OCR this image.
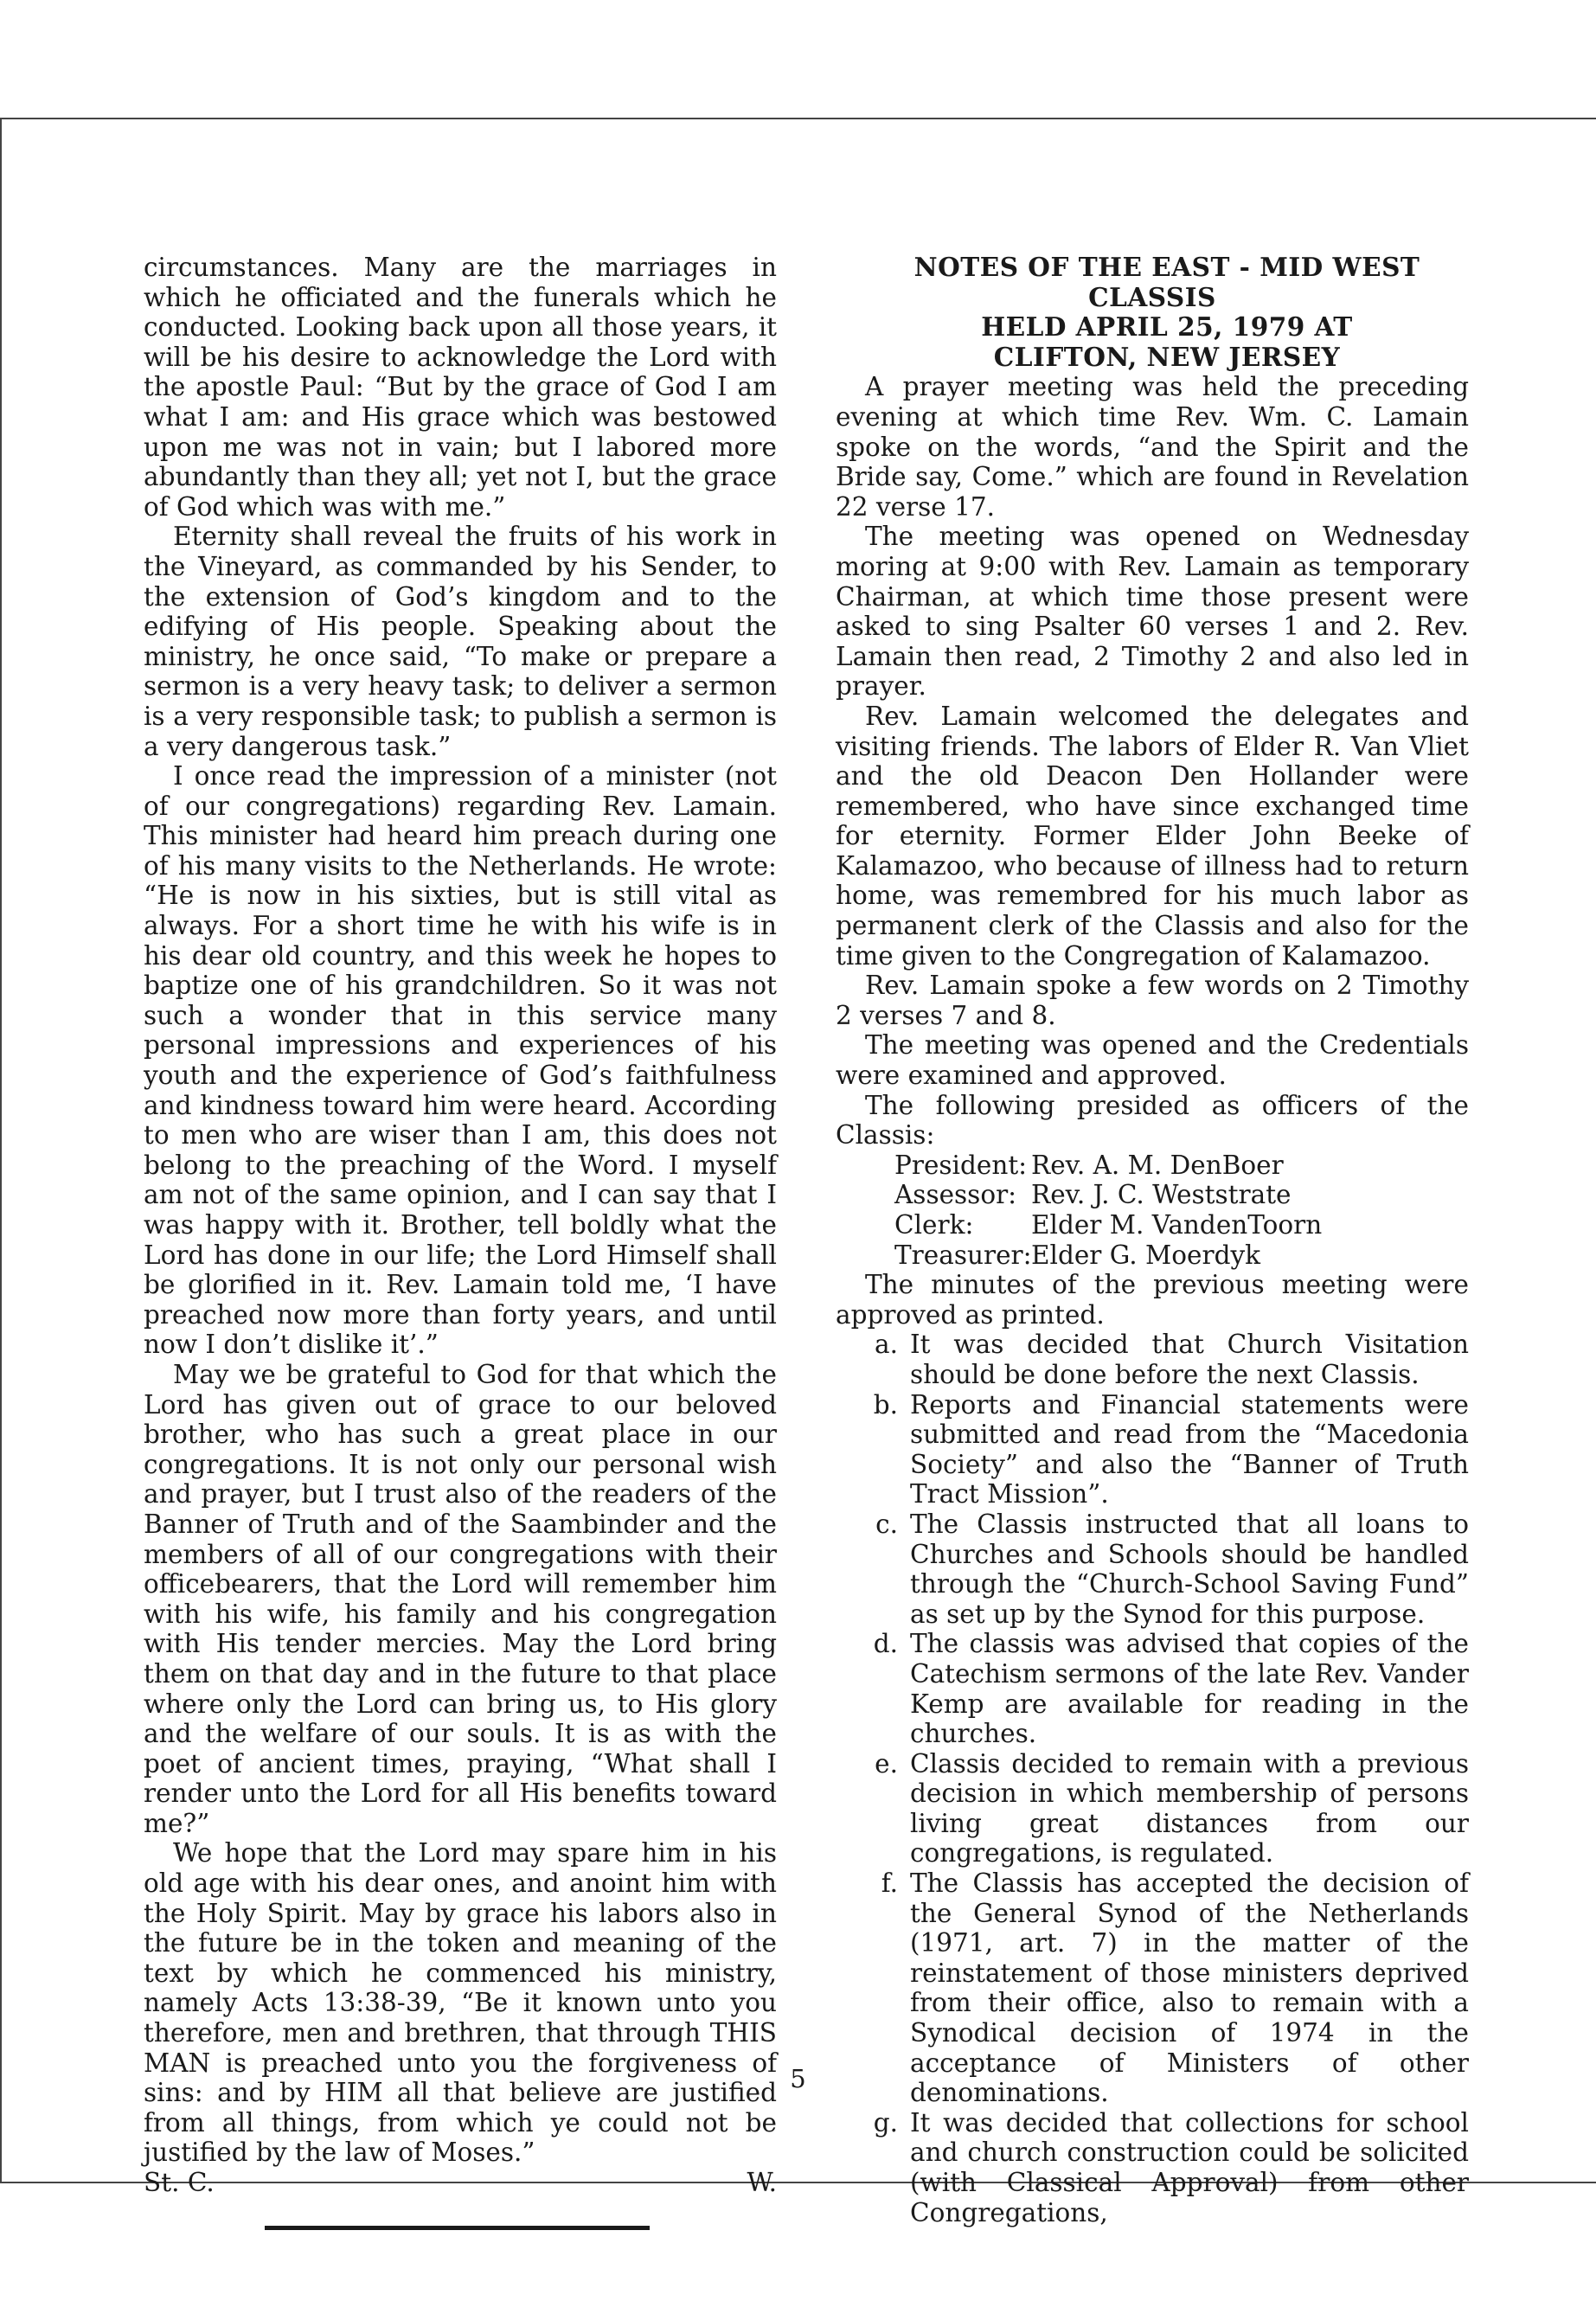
circumstances. Many are the marriages in which he officiated and the funerals which he conducted. Looking back upon all those years, it will be his desire to acknowledge the Lord with the apostle Paul: “But by the grace of God I am what I am: and His grace which was bestowed upon me was not in vain; but I labored more abundantly than they all; yet not I, but the grace of God which was with me.”

Eternity shall reveal the fruits of his work in the Vineyard, as commanded by his Sender, to the extension of God’s kingdom and to the edifying of His people. Speaking about the ministry, he once said, “To make or prepare a sermon is a very heavy task; to deliver a sermon is a very responsible task; to publish a sermon is a very dangerous task.”

I once read the impression of a minister (not of our congregations) regarding Rev. Lamain. This minister had heard him preach during one of his many visits to the Netherlands. He wrote: “He is now in his sixties, but is still vital as always. For a short time he with his wife is in his dear old country, and this week he hopes to baptize one of his grandchildren. So it was not such a wonder that in this service many personal impressions and experiences of his youth and the experience of God’s faithfulness and kindness toward him were heard. According to men who are wiser than I am, this does not belong to the preaching of the Word. I myself am not of the same opinion, and I can say that I was happy with it. Brother, tell boldly what the Lord has done in our life; the Lord Himself shall be glorified in it. Rev. Lamain told me, ‘I have preached now more than forty years, and until now I don’t dislike it’.”

May we be grateful to God for that which the Lord has given out of grace to our beloved brother, who has such a great place in our congregations. It is not only our personal wish and prayer, but I trust also of the readers of the Banner of Truth and of the Saambinder and the members of all of our congregations with their officebearers, that the Lord will remember him with his wife, his family and his congregation with His tender mercies. May the Lord bring them on that day and in the future to that place where only the Lord can bring us, to His glory and the welfare of our souls. It is as with the poet of ancient times, praying, “What shall I render unto the Lord for all His benefits toward me?”

We hope that the Lord may spare him in his old age with his dear ones, and anoint him with the Holy Spirit. May by grace his labors also in the future be in the token and meaning of the text by which he commenced his ministry, namely Acts 13:38-39, “Be it known unto you therefore, men and brethren, that through THIS MAN is preached unto you the forgiveness of sins: and by HIM all that believe are justified from all things, from which ye could not be justified by the law of Moses.”

St. C.	W.

NOTES OF THE EAST - MID WEST CLASSIS

HELD APRIL 25, 1979 AT

CLIFTON, NEW JERSEY

A prayer meeting was held the preceding evening at which time Rev. Wm. C. Lamain spoke on the words, “and the Spirit and the Bride say, Come.” which are found in Revelation 22 verse 17.

The meeting was opened on Wednesday moring at 9:00 with Rev. Lamain as temporary Chairman, at which time those present were asked to sing Psalter 60 verses 1 and 2. Rev. Lamain then read, 2 Timothy 2 and also led in prayer.

Rev. Lamain welcomed the delegates and visiting friends. The labors of Elder R. Van Vliet and the old Deacon Den Hollander were remembered, who have since exchanged time for eternity. Former Elder John Beeke of Kalamazoo, who because of illness had to return home, was remembred for his much labor as permanent clerk of the Classis and also for the time given to the Congregation of Kalamazoo.

Rev. Lamain spoke a few words on 2 Timothy 2 verses 7 and 8.

The meeting was opened and the Credentials were examined and approved.

The following presided as officers of the Classis:

President: Rev. A. M. DenBoer
Assessor: Rev. J. C. Weststrate
Clerk:	Elder M. VandenToorn
Treasurer: Elder G. Moerdyk

The minutes of the previous meeting were approved as printed.

a. It was decided that Church Visitation should be done before the next Classis.
b. Reports and Financial statements were submitted and read from the “Macedonia Society” and also the “Banner of Truth Tract Mission”.
c. The Classis instructed that all loans to Churches and Schools should be handled through the “Church-School Saving Fund” as set up by the Synod for this purpose.
d. The classis was advised that copies of the Catechism sermons of the late Rev. Vander Kemp are available for reading in the churches.
e. Classis decided to remain with a previous decision in which membership of persons living great distances from our congregations, is regulated.
f. The Classis has accepted the decision of the General Synod of the Netherlands (1971, art. 7) in the matter of the reinstatement of those ministers deprived from their office, also to remain with a Synodical decision of 1974 in the acceptance of Ministers of other denominations.
g. It was decided that collections for school and church construction could be solicited (with Classical Approval) from other Congregations,
5
